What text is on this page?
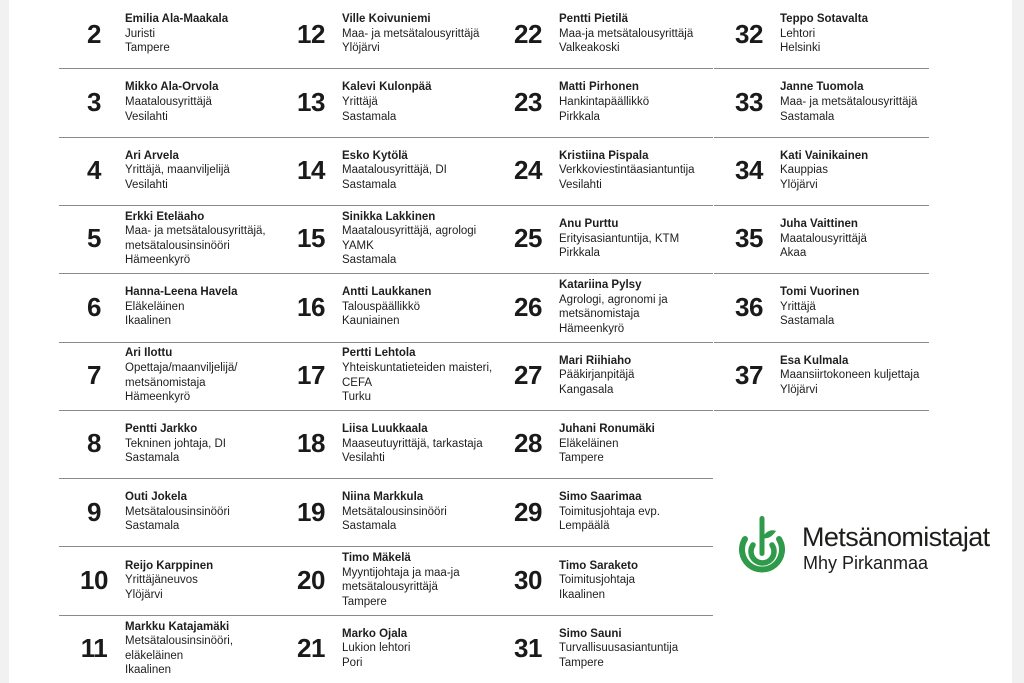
2	Emilia Ala-Maakala
Juristi
Tampere
3	Mikko Ala-Orvola
Maatalousyrittäjä
Vesilahti
4	Ari Arvela
Yrittäjä, maanviljelijä
Vesilahti
5
Erkki Eteläaho
Maa- ja metsätalousyrittäjä,
metsätalousinsinööri
Hämeenkyrö
6	Hanna-Leena Havela
Eläkeläinen
Ikaalinen
7
Ari Ilottu
Opettaja/maanviljelijä/
metsänomistaja
Hämeenkyrö
8	Pentti Jarkko
Tekninen johtaja, DI
Sastamala
9	Outi Jokela
Metsätalousinsinööri
Sastamala
10	Reijo Karppinen
Yrittäjäneuvos
Ylöjärvi
11
Markku Katajamäki
Metsätalousinsinööri,
eläkeläinen
Ikaalinen
12	Ville Koivuniemi
Maa- ja metsätalousyrittäjä
Ylöjärvi
13	Kalevi Kulonpää
Yrittäjä
Sastamala
14	Esko Kytölä
Maatalousyrittäjä, DI
Sastamala
15
Sinikka Lakkinen
Maatalousyrittäjä, agrologi
YAMK
Sastamala
16	Antti Laukkanen
Talouspäällikkö
Kauniainen
17
Pertti Lehtola
Yhteiskuntatieteiden maisteri,
CEFA
Turku
18	Liisa Luukkaala
Maaseutuyrittäjä, tarkastaja
Vesilahti
19	Niina Markkula
Metsätalousinsinööri
Sastamala
20
Timo Mäkelä
Myyntijohtaja ja maa-ja
metsätalousyrittäjä
Tampere
21	Marko Ojala
Lukion lehtori
Pori
22	Pentti Pietilä
Maa-ja metsätalousyrittäjä
Valkeakoski
23	Matti Pirhonen
Hankintapäällikkö
Pirkkala
24	Kristiina Pispala
Verkkoviestintäasiantuntija
Vesilahti
25	Anu Purttu
Erityisasiantuntija, KTM
Pirkkala
26
Katariina Pylsy
Agrologi, agronomi ja
metsänomistaja
Hämeenkyrö
27	Mari Riihiaho
Pääkirjanpitäjä
Kangasala
28	Juhani Ronumäki
Eläkeläinen
Tampere
29	Simo Saarimaa
Toimitusjohtaja evp.
Lempäälä
30	Timo Saraketo
Toimitusjohtaja
Ikaalinen
31	Simo Sauni
Turvallisuusasiantuntija
Tampere
32	Teppo Sotavalta
Lehtori
Helsinki
33	Janne Tuomola
Maa- ja metsätalousyrittäjä
Sastamala
34	Kati Vainikainen
Kauppias
Ylöjärvi
35	Juha Vaittinen
Maatalousyrittäjä
Akaa
36	Tomi Vuorinen
Yrittäjä
Sastamala
37	Esa Kulmala
Maansiirtokoneen kuljettaja
Ylöjärvi
Metsänomistajat
Mhy Pirkanmaa
